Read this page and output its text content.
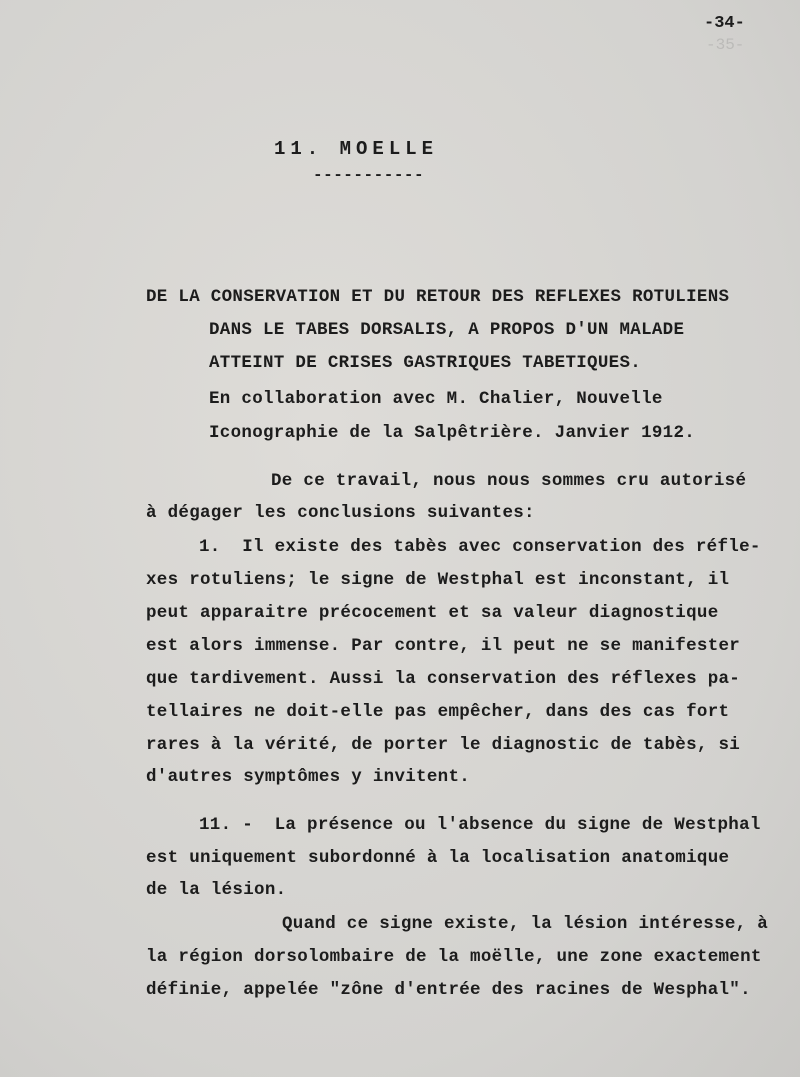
-35-
-34-
11. MOELLE
-----------
DE LA CONSERVATION ET DU RETOUR DES REFLEXES ROTULIENS
DANS LE TABES DORSALIS, A PROPOS D'UN MALADE
ATTEINT DE CRISES GASTRIQUES TABETIQUES.
En collaboration avec M. Chalier, Nouvelle
Iconographie de la Salpêtrière. Janvier 1912.
De ce travail, nous nous sommes cru autorisé
à dégager les conclusions suivantes:
1.  Il existe des tabès avec conservation des réfle-
xes rotuliens; le signe de Westphal est inconstant, il
peut apparaitre précocement et sa valeur diagnostique
est alors immense. Par contre, il peut ne se manifester
que tardivement. Aussi la conservation des réflexes pa-
tellaires ne doit-elle pas empêcher, dans des cas fort
rares à la vérité, de porter le diagnostic de tabès, si
d'autres symptômes y invitent.
11. -  La présence ou l'absence du signe de Westphal
est uniquement subordonné à la localisation anatomique
de la lésion.
Quand ce signe existe, la lésion intéresse, à
la région dorsolombaire de la moëlle, une zone exactement
définie, appelée "zône d'entrée des racines de Wesphal".
